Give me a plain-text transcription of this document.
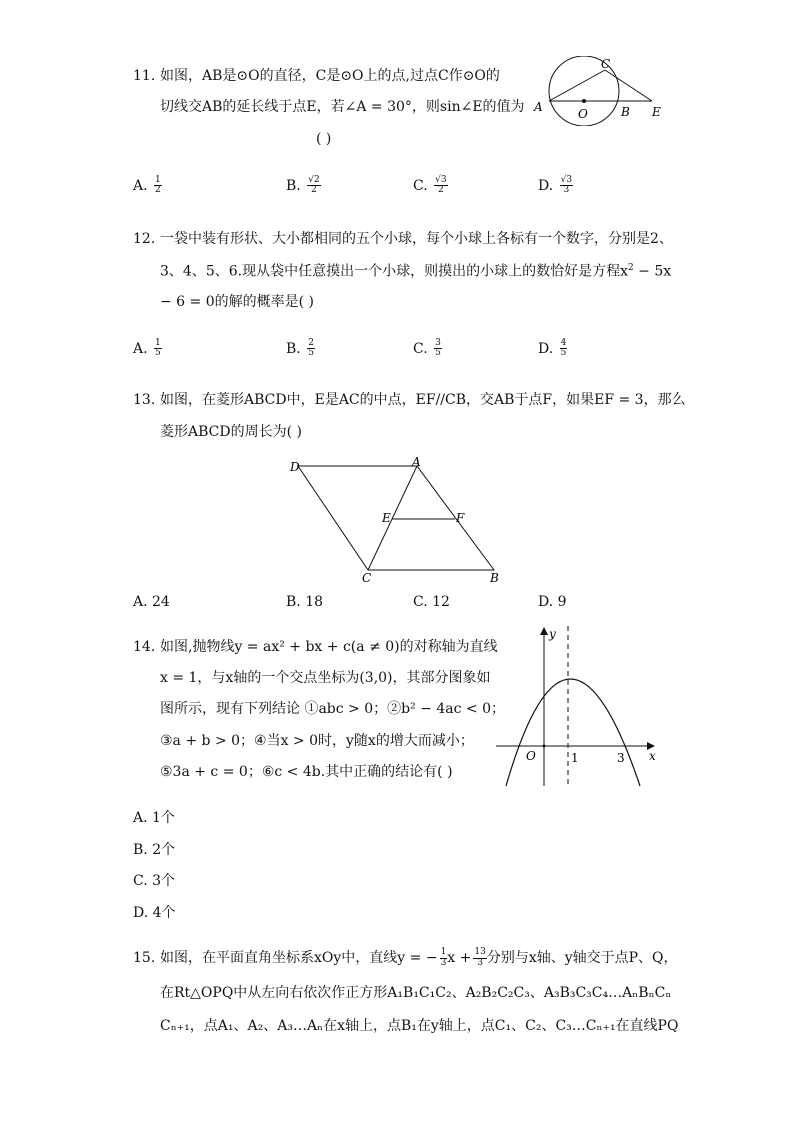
11. 如图，AB是⊙O的直径，C是⊙O上的点,过点C作⊙O的
切线交AB的延长线于点E，若∠A = 30°，则sin∠E的值为
( )
A	O	B E
C
A. $\frac{1}{2}$	B. $\frac{√2}{2}$	C. $\frac{√3}{2}$	D. $\frac{√3}{3}$
12. 一袋中装有形状、大小都相同的五个小球，每个小球上各标有一个数字，分别是2、
3、4、5、6.现从袋中任意摸出一个小球，则摸出的小球上的数恰好是方程$x^2 - 5x$
− 6 = 0的解的概率是( )
A. $\frac{1}{5}$	B. $\frac{2}{5}$	C. $\frac{3}{5}$	D. $\frac{4}{5}$
13. 如图，在菱形ABCD中，E是AC的中点，EF//CB，交AB于点F，如果EF = 3，那么
菱形ABCD的周长为( )
D	A
E	F
C	B
A. 24	B. 18	C. 12	D. 9
14. 如图,抛物线y = ax² + bx + c(a ≠ 0)的对称轴为直线
x = 1，与x轴的一个交点坐标为(3,0)，其部分图象如
图所示，现有下列结论 ①abc > 0；②b² − 4ac < 0；
③a + b > 0；④当x > 0时，y随x的增大而减小；
⑤3a + c = 0；⑥c < 4b.其中正确的结论有( )
y
x
O	1	3
A. 1个
B. 2个
C. 3个
D. 4个
15. 如图，在平面直角坐标系xOy中，直线y = − $\frac{1}{3}$ $x + \frac{13}{3}$ 分别与x轴、y轴交于点P、Q，
在Rt△OPQ中从左向右依次作正方形A₁B₁C₁C₂、A₂B₂C₂C₃、A₃B₃C₃C₄…AₙBₙCₙ
Cₙ₊₁，点A₁、A₂、A₃…Aₙ在x轴上，点B₁在y轴上，点C₁、C₂、C₃…Cₙ₊₁在直线PQ
